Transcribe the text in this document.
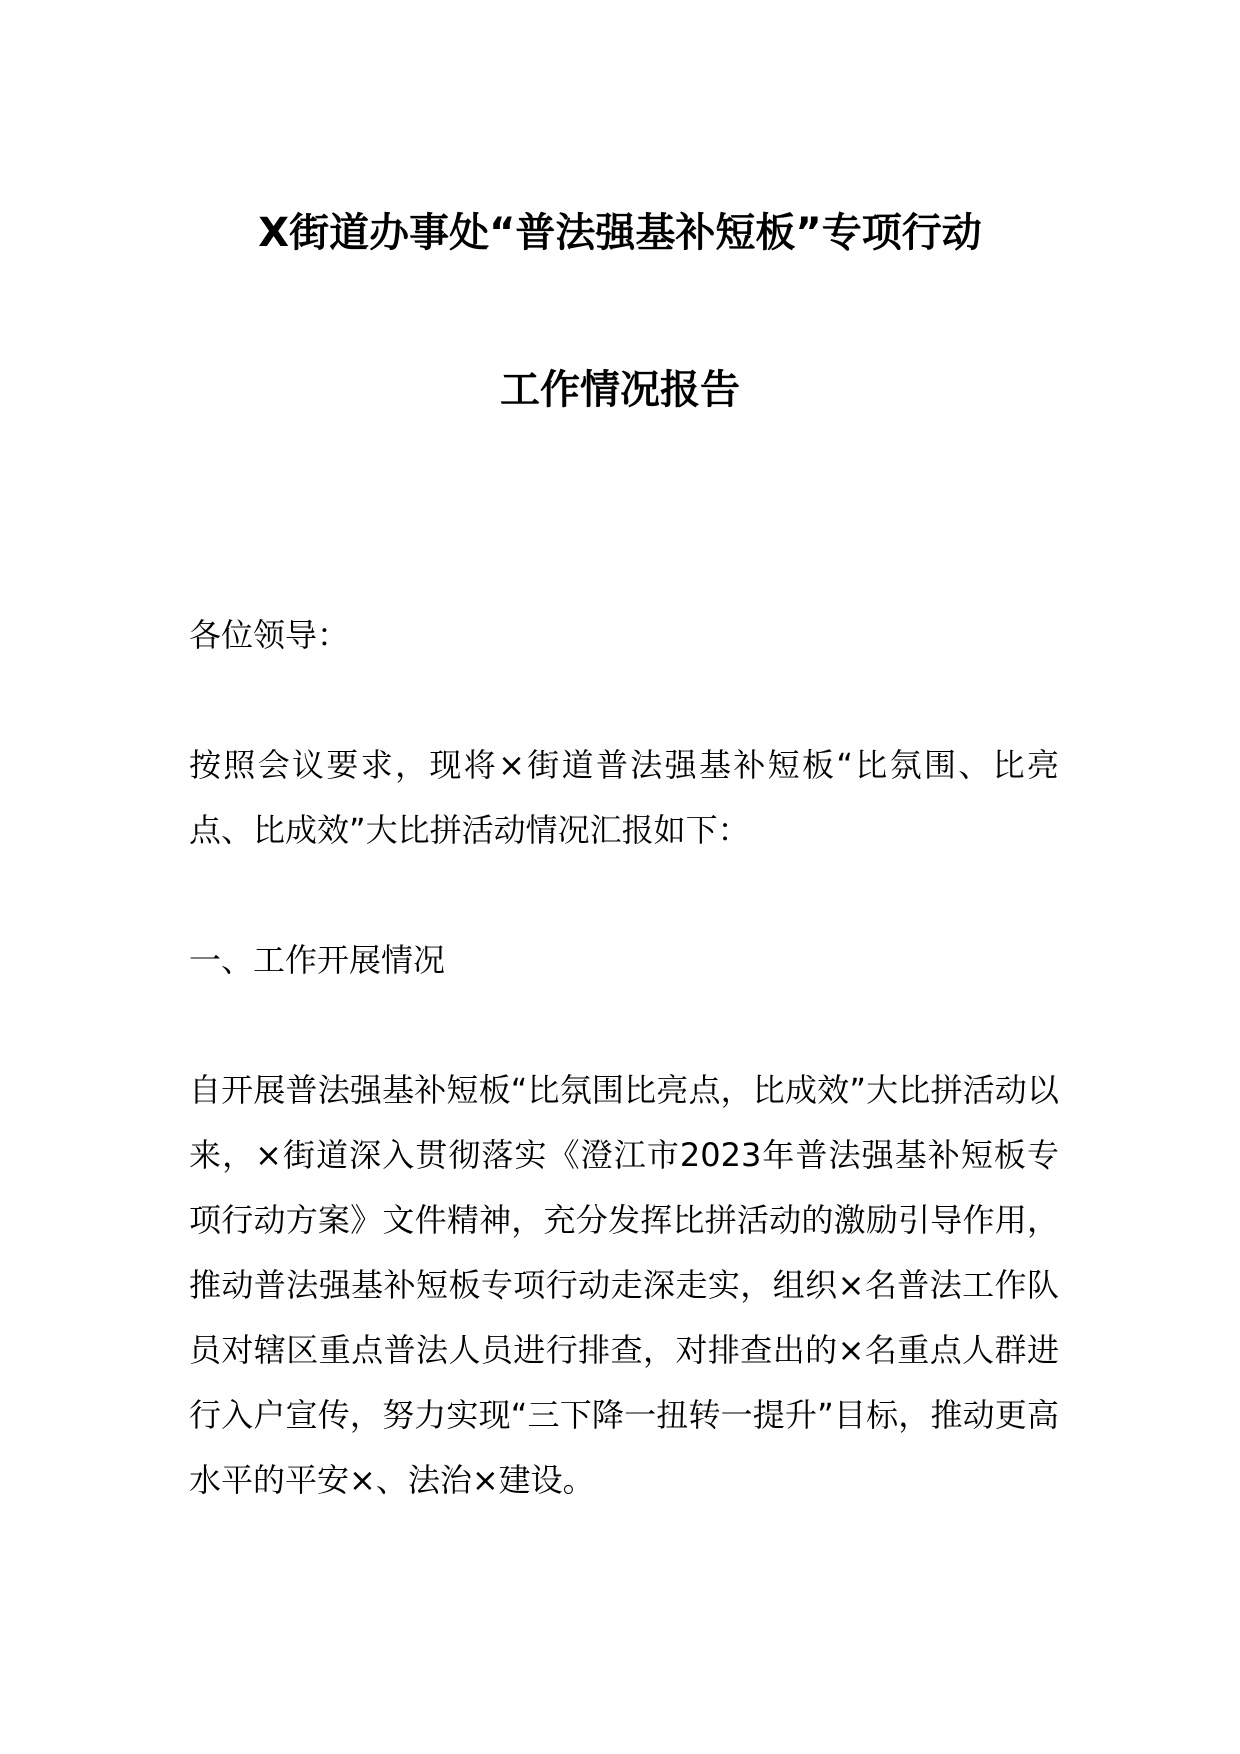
X街道办事处“普法强基补短板”专项行动
工作情况报告
各位领导：
按照会议要求，现将×街道普法强基补短板“比氛围、比亮点、比成效”大比拼活动情况汇报如下：
一、工作开展情况
自开展普法强基补短板“比氛围比亮点，比成效”大比拼活动以来，×街道深入贯彻落实《澄江市2023年普法强基补短板专项行动方案》文件精神，充分发挥比拼活动的激励引导作用，推动普法强基补短板专项行动走深走实，组织×名普法工作队员对辖区重点普法人员进行排查，对排查出的×名重点人群进行入户宣传，努力实现“三下降一扭转一提升”目标，推动更高水平的平安×、法治×建设。
